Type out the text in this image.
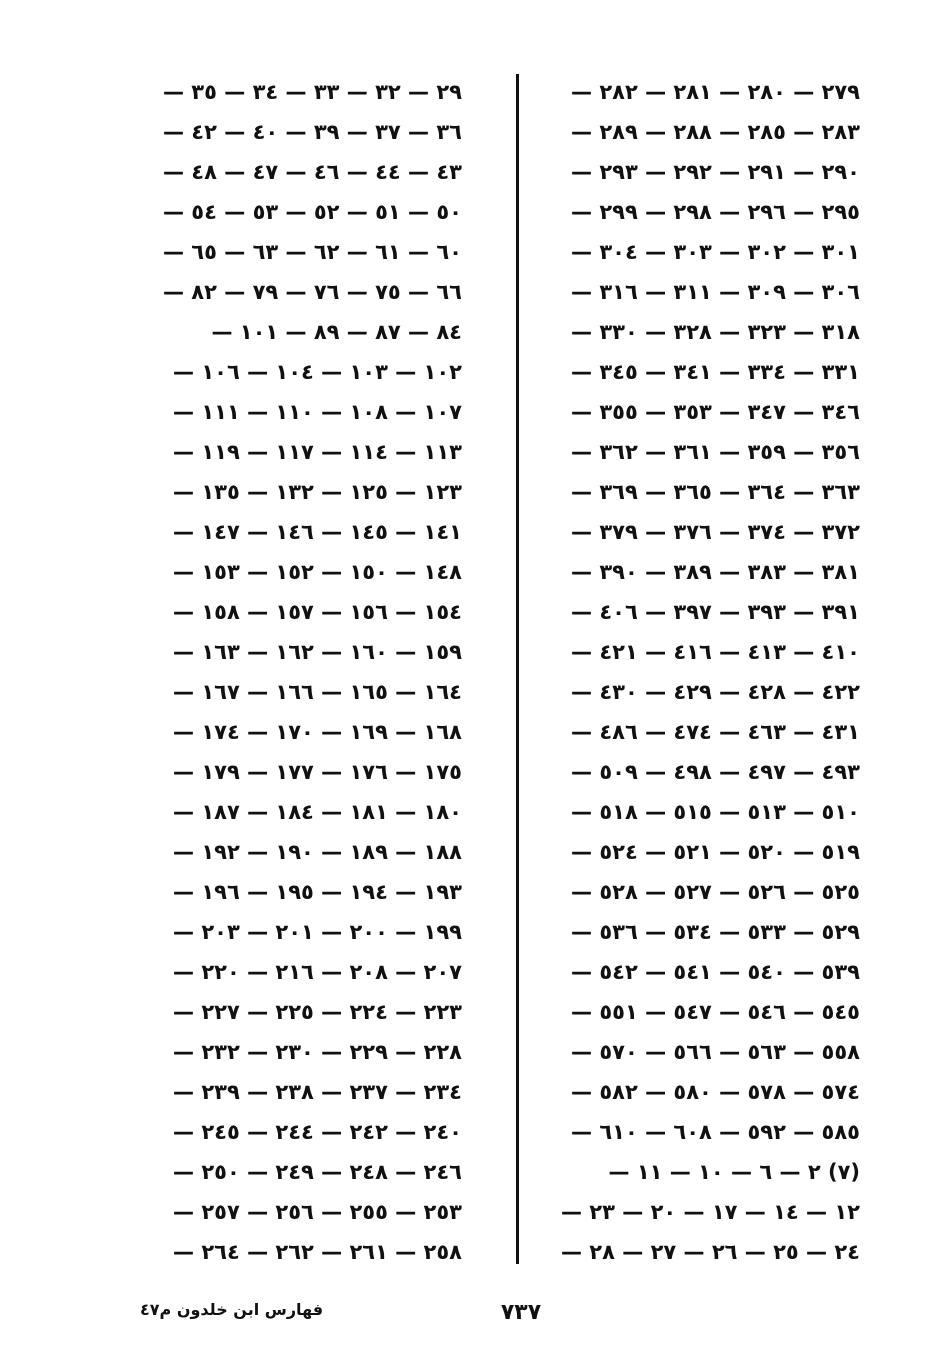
٢٧٩ — ٢٨٠ — ٢٨١ — ٢٨٢ —
٢٨٣ — ٢٨٥ — ٢٨٨ — ٢٨٩ —
٢٩٠ — ٢٩١ — ٢٩٢ — ٢٩٣ —
٢٩٥ — ٢٩٦ — ٢٩٨ — ٢٩٩ —
٣٠١ — ٣٠٢ — ٣٠٣ — ٣٠٤ —
٣٠٦ — ٣٠٩ — ٣١١ — ٣١٦ —
٣١٨ — ٣٢٣ — ٣٢٨ — ٣٣٠ —
٣٣١ — ٣٣٤ — ٣٤١ — ٣٤٥ —
٣٤٦ — ٣٤٧ — ٣٥٣ — ٣٥٥ —
٣٥٦ — ٣٥٩ — ٣٦١ — ٣٦٢ —
٣٦٣ — ٣٦٤ — ٣٦٥ — ٣٦٩ —
٣٧٢ — ٣٧٤ — ٣٧٦ — ٣٧٩ —
٣٨١ — ٣٨٣ — ٣٨٩ — ٣٩٠ —
٣٩١ — ٣٩٣ — ٣٩٧ — ٤٠٦ —
٤١٠ — ٤١٣ — ٤١٦ — ٤٢١ —
٤٢٢ — ٤٢٨ — ٤٢٩ — ٤٣٠ —
٤٣١ — ٤٦٣ — ٤٧٤ — ٤٨٦ —
٤٩٣ — ٤٩٧ — ٤٩٨ — ٥٠٩ —
٥١٠ — ٥١٣ — ٥١٥ — ٥١٨ —
٥١٩ — ٥٢٠ — ٥٢١ — ٥٢٤ —
٥٢٥ — ٥٢٦ — ٥٢٧ — ٥٢٨ —
٥٢٩ — ٥٣٣ — ٥٣٤ — ٥٣٦ —
٥٣٩ — ٥٤٠ — ٥٤١ — ٥٤٢ —
٥٤٥ — ٥٤٦ — ٥٤٧ — ٥٥١ —
٥٥٨ — ٥٦٣ — ٥٦٦ — ٥٧٠ —
٥٧٤ — ٥٧٨ — ٥٨٠ — ٥٨٢ —
٥٨٥ — ٥٩٢ — ٦٠٨ — ٦١٠ —
(٧) ٢ — ٦ — ١٠ — ١١ —
١٢ — ١٤ — ١٧ — ٢٠ — ٢٣ —
٢٤ — ٢٥ — ٢٦ — ٢٧ — ٢٨ —
٢٩ — ٣٢ — ٣٣ — ٣٤ — ٣٥ —
٣٦ — ٣٧ — ٣٩ — ٤٠ — ٤٢ —
٤٣ — ٤٤ — ٤٦ — ٤٧ — ٤٨ —
٥٠ — ٥١ — ٥٢ — ٥٣ — ٥٤ —
٦٠ — ٦١ — ٦٢ — ٦٣ — ٦٥ —
٦٦ — ٧٥ — ٧٦ — ٧٩ — ٨٢ —
٨٤ — ٨٧ — ٨٩ — ١٠١ —
١٠٢ — ١٠٣ — ١٠٤ — ١٠٦ —
١٠٧ — ١٠٨ — ١١٠ — ١١١ —
١١٣ — ١١٤ — ١١٧ — ١١٩ —
١٢٣ — ١٢٥ — ١٣٢ — ١٣٥ —
١٤١ — ١٤٥ — ١٤٦ — ١٤٧ —
١٤٨ — ١٥٠ — ١٥٢ — ١٥٣ —
١٥٤ — ١٥٦ — ١٥٧ — ١٥٨ —
١٥٩ — ١٦٠ — ١٦٢ — ١٦٣ —
١٦٤ — ١٦٥ — ١٦٦ — ١٦٧ —
١٦٨ — ١٦٩ — ١٧٠ — ١٧٤ —
١٧٥ — ١٧٦ — ١٧٧ — ١٧٩ —
١٨٠ — ١٨١ — ١٨٤ — ١٨٧ —
١٨٨ — ١٨٩ — ١٩٠ — ١٩٢ —
١٩٣ — ١٩٤ — ١٩٥ — ١٩٦ —
١٩٩ — ٢٠٠ — ٢٠١ — ٢٠٣ —
٢٠٧ — ٢٠٨ — ٢١٦ — ٢٢٠ —
٢٢٣ — ٢٢٤ — ٢٢٥ — ٢٢٧ —
٢٢٨ — ٢٢٩ — ٢٣٠ — ٢٣٢ —
٢٣٤ — ٢٣٧ — ٢٣٨ — ٢٣٩ —
٢٤٠ — ٢٤٢ — ٢٤٤ — ٢٤٥ —
٢٤٦ — ٢٤٨ — ٢٤٩ — ٢٥٠ —
٢٥٣ — ٢٥٥ — ٢٥٦ — ٢٥٧ —
٢٥٨ — ٢٦١ — ٢٦٢ — ٢٦٤ —
٧٣٧
فهارس ابن خلدون م٤٧
